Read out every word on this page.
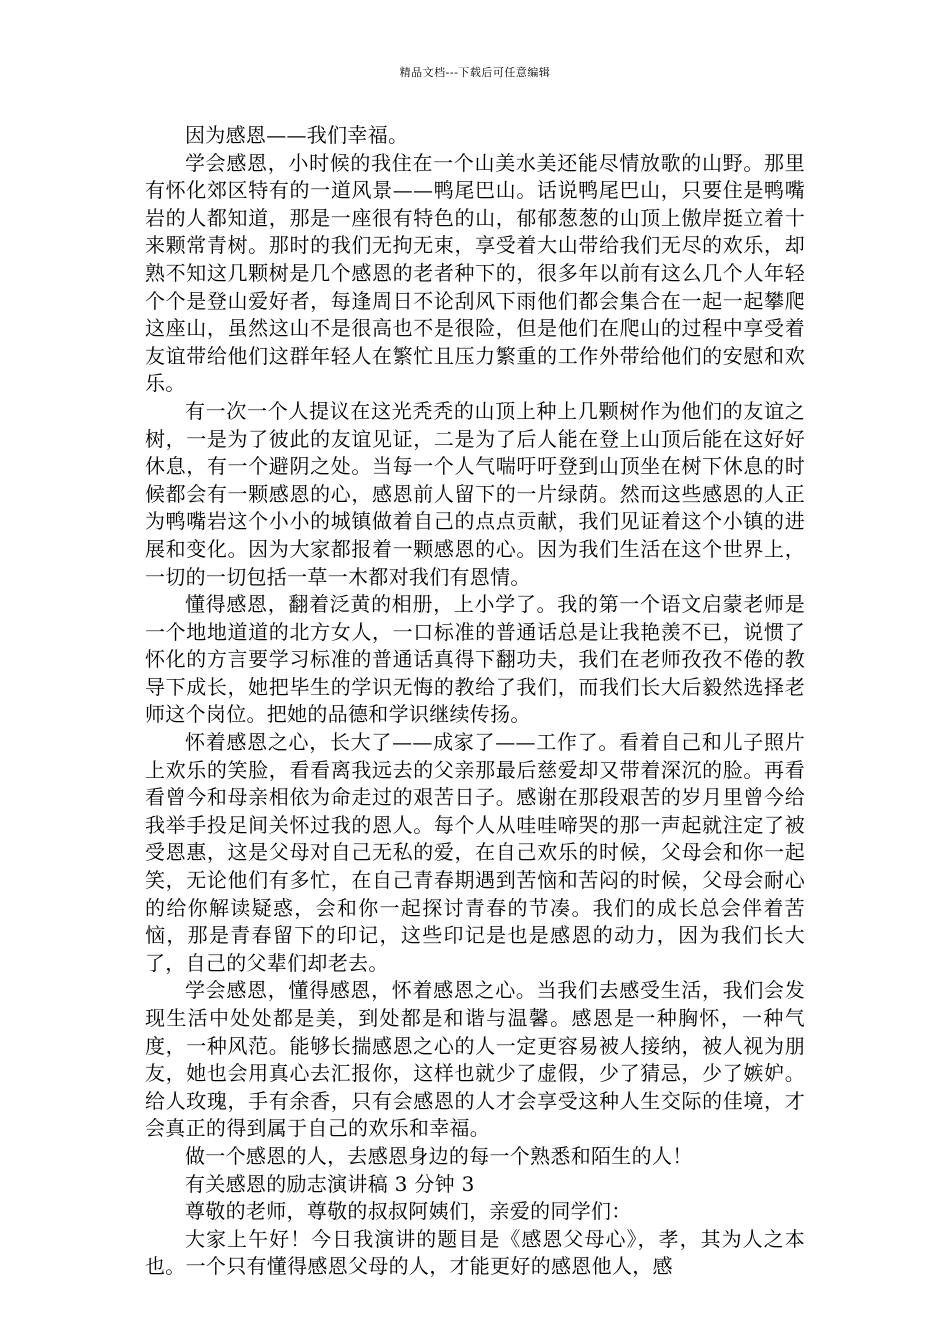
精品文档---下载后可任意编辑

因为感恩——我们幸福。

学会感恩，小时候的我住在一个山美水美还能尽情放歌的山野。那里有怀化郊区特有的一道风景——鸭尾巴山。话说鸭尾巴山，只要住是鸭嘴岩的人都知道，那是一座很有特色的山，郁郁葱葱的山顶上傲岸挺立着十来颗常青树。那时的我们无拘无束，享受着大山带给我们无尽的欢乐，却熟不知这几颗树是几个感恩的老者种下的，很多年以前有这么几个人年轻个个是登山爱好者，每逢周日不论刮风下雨他们都会集合在一起一起攀爬这座山，虽然这山不是很高也不是很险，但是他们在爬山的过程中享受着友谊带给他们这群年轻人在繁忙且压力繁重的工作外带给他们的安慰和欢乐。

有一次一个人提议在这光秃秃的山顶上种上几颗树作为他们的友谊之树，一是为了彼此的友谊见证，二是为了后人能在登上山顶后能在这好好休息，有一个避阴之处。当每一个人气喘吁吁登到山顶坐在树下休息的时候都会有一颗感恩的心，感恩前人留下的一片绿荫。然而这些感恩的人正为鸭嘴岩这个小小的城镇做着自己的点点贡献，我们见证着这个小镇的进展和变化。因为大家都报着一颗感恩的心。因为我们生活在这个世界上，一切的一切包括一草一木都对我们有恩情。

懂得感恩，翻着泛黄的相册，上小学了。我的第一个语文启蒙老师是一个地地道道的北方女人，一口标准的普通话总是让我艳羡不已，说惯了怀化的方言要学习标准的普通话真得下翻功夫，我们在老师孜孜不倦的教导下成长，她把毕生的学识无悔的教给了我们，而我们长大后毅然选择老师这个岗位。把她的品德和学识继续传扬。

怀着感恩之心，长大了——成家了——工作了。看着自己和儿子照片上欢乐的笑脸，看看离我远去的父亲那最后慈爱却又带着深沉的脸。再看看曾今和母亲相依为命走过的艰苦日子。感谢在那段艰苦的岁月里曾今给我举手投足间关怀过我的恩人。每个人从哇哇啼哭的那一声起就注定了被受恩惠，这是父母对自己无私的爱，在自己欢乐的时候，父母会和你一起笑，无论他们有多忙，在自己青春期遇到苦恼和苦闷的时候，父母会耐心的给你解读疑惑，会和你一起探讨青春的节凑。我们的成长总会伴着苦恼，那是青春留下的印记，这些印记是也是感恩的动力，因为我们长大了，自己的父辈们却老去。

学会感恩，懂得感恩，怀着感恩之心。当我们去感受生活，我们会发现生活中处处都是美，到处都是和谐与温馨。感恩是一种胸怀，一种气度，一种风范。能够长揣感恩之心的人一定更容易被人接纳，被人视为朋友，她也会用真心去汇报你，这样也就少了虚假，少了猜忌，少了嫉妒。给人玫瑰，手有余香，只有会感恩的人才会享受这种人生交际的佳境，才会真正的得到属于自己的欢乐和幸福。

做一个感恩的人，去感恩身边的每一个熟悉和陌生的人！

有关感恩的励志演讲稿 3 分钟 3

尊敬的老师，尊敬的叔叔阿姨们，亲爱的同学们：

大家上午好！今日我演讲的题目是《感恩父母心》，孝，其为人之本也。一个只有懂得感恩父母的人，才能更好的感恩他人，感
